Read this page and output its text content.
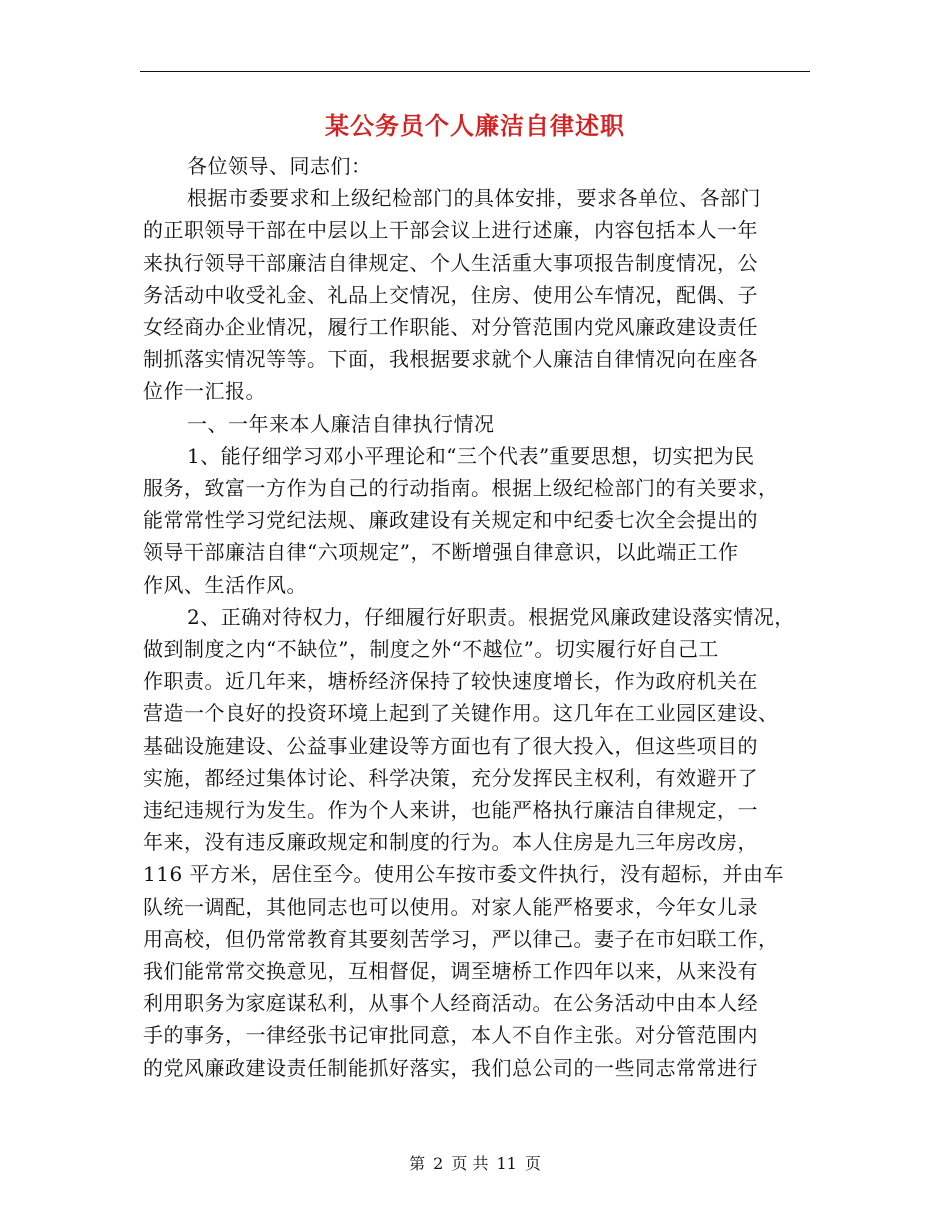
某公务员个人廉洁自律述职
各位领导、同志们：
根据市委要求和上级纪检部门的具体安排，要求各单位、各部门
的正职领导干部在中层以上干部会议上进行述廉，内容包括本人一年
来执行领导干部廉洁自律规定、个人生活重大事项报告制度情况，公
务活动中收受礼金、礼品上交情况，住房、使用公车情况，配偶、子
女经商办企业情况，履行工作职能、对分管范围内党风廉政建设责任
制抓落实情况等等。下面，我根据要求就个人廉洁自律情况向在座各
位作一汇报。
一、一年来本人廉洁自律执行情况
1、能仔细学习邓小平理论和“三个代表”重要思想，切实把为民
服务，致富一方作为自己的行动指南。根据上级纪检部门的有关要求，
能常常性学习党纪法规、廉政建设有关规定和中纪委七次全会提出的
领导干部廉洁自律“六项规定”，不断增强自律意识，以此端正工作
作风、生活作风。
2、正确对待权力，仔细履行好职责。根据党风廉政建设落实情况，
做到制度之内“不缺位”，制度之外“不越位”。切实履行好自己工
作职责。近几年来，塘桥经济保持了较快速度增长，作为政府机关在
营造一个良好的投资环境上起到了关键作用。这几年在工业园区建设、
基础设施建设、公益事业建设等方面也有了很大投入，但这些项目的
实施，都经过集体讨论、科学决策，充分发挥民主权利，有效避开了
违纪违规行为发生。作为个人来讲，也能严格执行廉洁自律规定，一
年来，没有违反廉政规定和制度的行为。本人住房是九三年房改房，
116 平方米，居住至今。使用公车按市委文件执行，没有超标，并由车
队统一调配，其他同志也可以使用。对家人能严格要求，今年女儿录
用高校，但仍常常教育其要刻苦学习，严以律己。妻子在市妇联工作，
我们能常常交换意见，互相督促，调至塘桥工作四年以来，从来没有
利用职务为家庭谋私利，从事个人经商活动。在公务活动中由本人经
手的事务，一律经张书记审批同意，本人不自作主张。对分管范围内
的党风廉政建设责任制能抓好落实，我们总公司的一些同志常常进行
第 2 页 共 11 页
